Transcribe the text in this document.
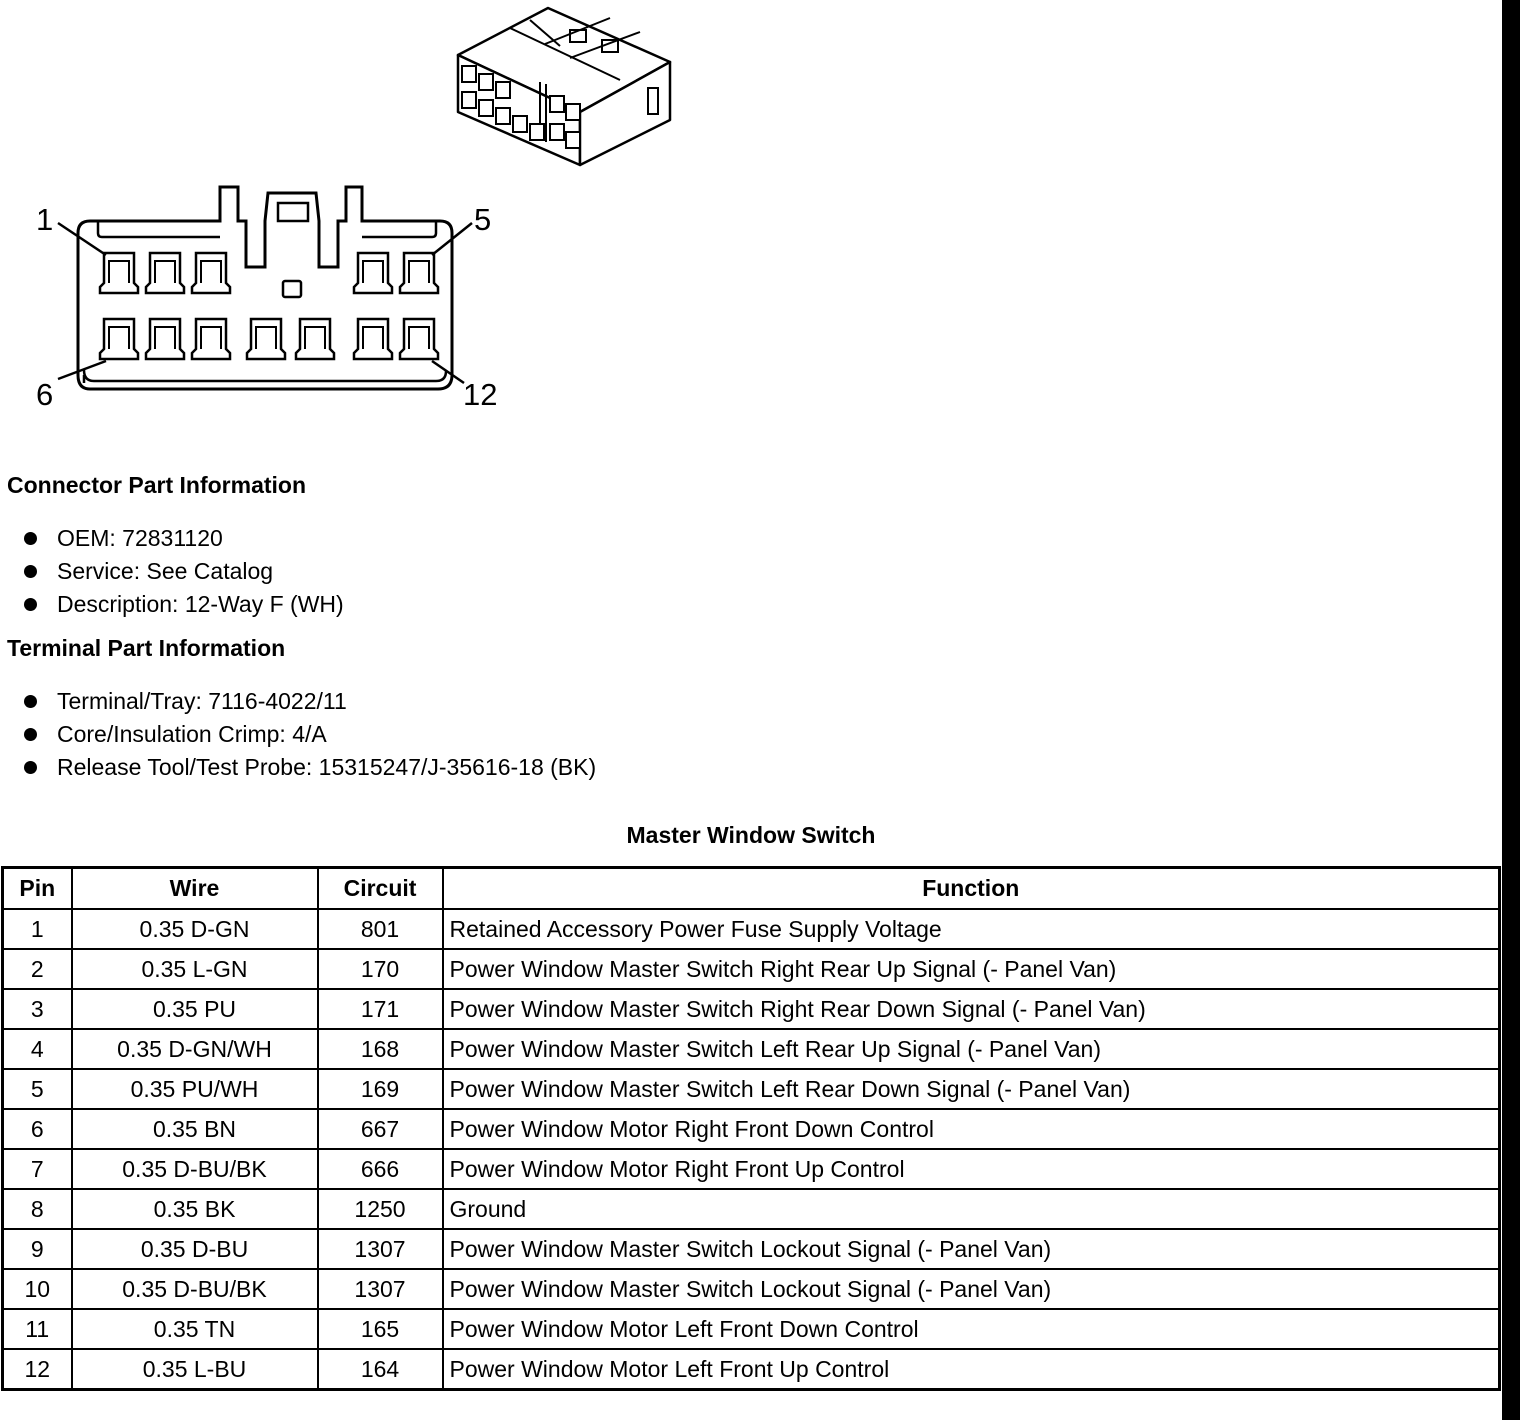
1	5
6	12
Connector Part Information
OEM: 72831120
Service: See Catalog
Description: 12-Way F (WH)
Terminal Part Information
Terminal/Tray: 7116-4022/11
Core/Insulation Crimp: 4/A
Release Tool/Test Probe: 15315247/J-35616-18 (BK)
Master Window Switch
Pin	Wire	Circuit	Function
1	0.35 D-GN	801	Retained Accessory Power Fuse Supply Voltage
2	0.35 L-GN	170	Power Window Master Switch Right Rear Up Signal (- Panel Van)
3	0.35 PU	171	Power Window Master Switch Right Rear Down Signal (- Panel Van)
4	0.35 D-GN/WH	168	Power Window Master Switch Left Rear Up Signal (- Panel Van)
5	0.35 PU/WH	169	Power Window Master Switch Left Rear Down Signal (- Panel Van)
6	0.35 BN	667	Power Window Motor Right Front Down Control
7	0.35 D-BU/BK	666	Power Window Motor Right Front Up Control
8	0.35 BK	1250	Ground
9	0.35 D-BU	1307	Power Window Master Switch Lockout Signal (- Panel Van)
10	0.35 D-BU/BK	1307	Power Window Master Switch Lockout Signal (- Panel Van)
11	0.35 TN	165	Power Window Motor Left Front Down Control
12	0.35 L-BU	164	Power Window Motor Left Front Up Control
